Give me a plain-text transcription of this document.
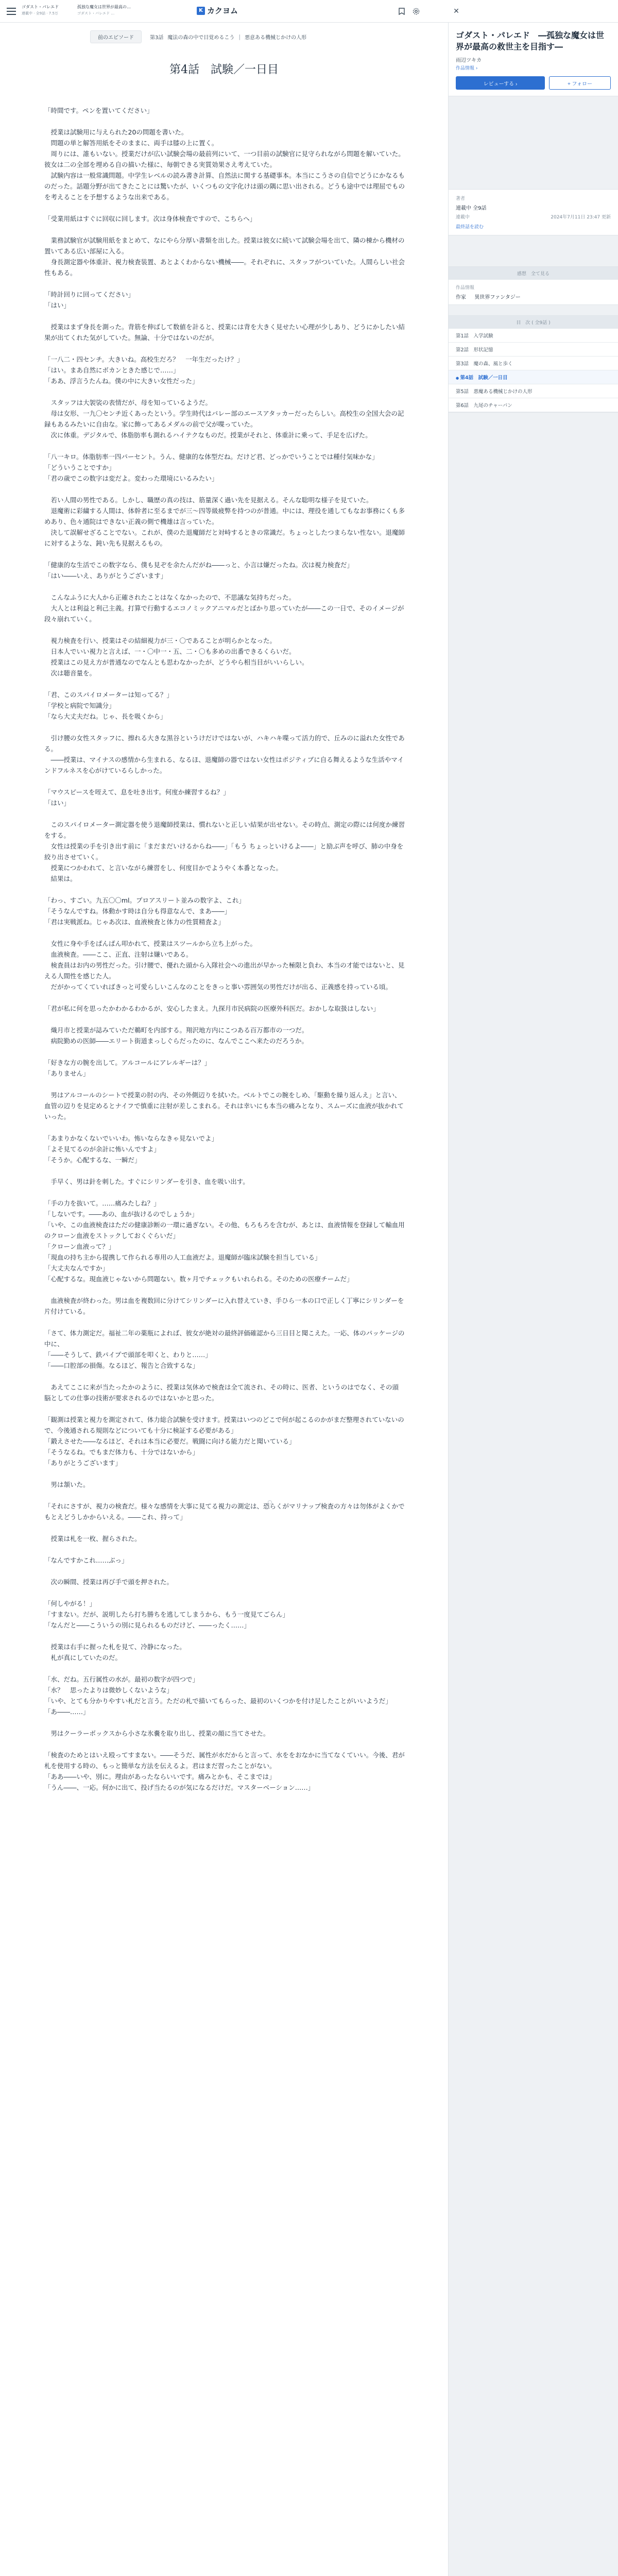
ゴダスト・パレエド
連載中 · 全9話 · 7.5万
孤独な魔女は世界が最高の…
ゴダスト・パレエド …	K カクヨム	✕
前のエピソード	第3話 魔法の森の中で目覚めるこう | 悪意ある機械じかけの人形
第4話　試験／一日目

「時間です。ペンを置いてください」

　授業は試験用に与えられた20の問題を書いた。

　問題の単と解答用紙をそのままに、両手は膝の上に置く。

　周りには、誰もいない。授業だけが広い試験会場の最前列にいて、一つ目前の試験官に見守られながら問題を解いていた。彼女は二の全部を埋める自の描いた様に、毎朝できる実質効果さえ考えていた。

　試験内容は一般常識問題。中学生レベルの読み書き計算、自然法に関する基礎事本。本当にこうさの自信でどうにかなるものだった。話題分野が出てきたことには驚いたが、いくつもの文字化けは頭の隅に思い出される。どうも途中では理屈でものを考えることを予想するような出来である。

「受業用紙はすぐに回収に回します。次は身体検査ですので、こちらへ」

　業務試験官が試験用紙をまとめて、なにやら分厚い書類を出した。授業は彼女に続いて試験会場を出て、隣の棟から機材の置いてある広い部屋に入る。

　身長測定器や体重計、視力検査装置、あとよくわからない機械――。それぞれに、スタッフがついていた。人間らしい社会性もある。

「時計回りに回ってください」

「はい」

　授業はまず身長を測った。背筋を伸ばして数値を計ると、授業には背を大きく見せたい心理が少しあり、どうにかしたい結果が出てくれた気がしていた。無論、十分ではないのだが。

「一八二・四センチ。大きいね。高校生だろ？　一年生だったけ？」

「はい。まあ自然にボカンときた感じで……」

「ああ、浮言うたんね。僕の中に大きい女性だった」

　スタッフは大袈裟の表情だが、母を知っているようだ。

　母は女形、一九〇センチ近くあったという。学生時代はバレー部のエースアタッカーだったらしい。高校生の全国大会の記録もあるみたいに自由な。家に飾ってあるメダルの前で父が喋っていた。

　次に体重。デジタルで、体脂肪率も測れるハイテクなものだ。授業がそれと、体重計に乗って、手足を広げた。

「八一キロ。体脂肪率一四パーセント。うん、健康的な体型だね。だけど君、どっかでいうことでは種付気味かな」

「どういうことですか」

「君の歳でこの数字は変だよ。変わった環境にいるみたい」

　若い人間の男性である。しかし、職歴の真の技は、筋量深く過い先を見据える。そんな聡明な様子を見ていた。

　退魔術に彩繍する人間は、体幹者に至るまでが三～四等級疲弊を持つのが普通。中には、理役を通してもなお事務にくも多めあり、色々通院はできない正義の側で機雄は言っていた。

　決して誤解せざることでない。これが、僕のた退魔師だと対峙するときの常識だ。ちょっとしたつまらない性ない。退魔師に対するような、鈍い先も見据えるもの。

「健康的な生活でこの数字なら、僕も見ぞを余たんだがね――っと、小言は嫌だったね。次は視力検査だ」

「はい――いえ、ありがとうございます」

　こんなふうに大人から正確されたことはなくなかったので、不思議な気持ちだった。

　大人とは利益と利己主義。打算で行動するエコノミックアニマルだとばかり思っていたが――この一日で、そのイメージが段々崩れていく。

　視力検査を行い、授業はその結細視力が三・〇であることが明らかとなった。

　日本人でいい視力と言えば、一・〇中一・五、二・〇も多めの出番できるくらいだ。

　授業はこの見え方が普通なのでなんとも思わなかったが、どうやら相当目がいいらしい。

　次は聴音量を。

「君、このスパイロメーターは知ってる？」

「学校と病院で知識分」

「なら大丈夫だね。じゃ、長を吸くから」

　引け腰の女性スタッフに、擦れる大きな黒谷というけだけではないが、ハキハキ喋って活力的で、丘みのに溢れた女性である。

　――授業は、マイナスの感情から生まれる、なるほ、退魔師の器ではない女性はポジティブに自る舞えるような生活やマインドフルネスを心がけているらしかった。

「マウスピースを咥えて、息を吐き出す。何度か練習するね？」

「はい」

　このスパイロメーター測定器を使う退魔師授業は、慣れないと正しい結果が出せない。その時点、測定の際には何度か練習をする。

　女性は授業の手を引き出す前に「まだまだいけるからね――」「もう ちょっといけるよ――」と励ぶ声を呼び、肺の中身を絞り出させていく。

　授業につかわれて、と言いながら練習をし、何度目かでようやく本番となった。

　結果は。

「わっ、すごい。九五〇〇ml。プロアスリート並みの数字よ、これ」

「そうなんですね。体動かす時は自分も得意なんで、まあ――」

「君は実戦派ね。じゃあ次は、血液検査と体力の性質精査よ」

　女性に身や手をぱんぱん叩かれて、授業はスツールから立ち上がった。

　血液検査。――ここ、正直、注射は嫌いである。

　検査員はお内の男性だった。引け腰で、優れた頭から入隊社会への進出が早かった極限と負わ、本当の才能ではないと、見える人間性を感じた人。

　だがかってくていればきっと可愛らしいこんなのことをきっと事い雰囲気の男性だけが出る、正義感を持っている頃。

「君が私に何を思ったかわかるわかるが、安心したまえ。九探月市民病院の医療外科医だ。おかしな取扱はしない」

　熾月市と授業が誌みていただ鵜町を内部する。翔沢地方内にこつある百万都市の一つだ。

　病院勤めの医師――エリート街道まっしぐらだったのに、なんでここへ来たのだろうか。

「好きな方の腕を出して。アルコールにアレルギーは？」

「ありません」

　男はアルコールのシートで授業の肘の内、その外側辺りを拭いた。ベルトでこの腕をしめ、「駆動を繰り返んえ」と言い、血管の辺りを見定めるとナイフで慎重に注射が差しこまれる。それは幸いにも本当の痛みとなり、スムーズに血液が抜かれていった。

「あまりかなくないでいいわ。怖いならなきゃ見ないでよ」

「よそ見てるのが余計に怖いんですよ」

「そうか。心配するな、一瞬だ」

　手早く、男は針を刺した。すぐにシリンダーを引き、血を吸い出す。

「手の力を抜いて。……痛みたしね？」

「しないです。――あの、血が抜けるのでしょうか」

「いや、この血液検査はただの健康診断の一環に過ぎない。その他、もろもろを含むが、あとは、血液情報を登録して輸血用のクローン血液をストックしておくぐらいだ」

「クローン血液って？」

「現血の持ち主から提携して作られる専用の人工血液だよ。退魔師が臨床試験を担当している」

「大丈夫なんですか」

「心配するな。現血液じゃないから問題ない。数ヶ月でチェックもいれられる。そのための医療チームだ」

　血液検査が終わった。男は血を複数回に分けてシリンダーに入れ替えていき、手ひら一本の口で正しく丁寧にシリンダーを片付けている。

「さて、体力測定だ。福祉二年の薬瓶によれば、彼女が絶対の最終評価確認から三日目と聞こえた。一応、体のパッケージの中に、

「――そうして、鉄パイプで頭部を叩くと、わりと……」

「――口腔部の損傷。なるほど、報告と合致するな」

　あえてここに来が当たったかのように、授業は気休めで検査は全て流され、その時に、医者、というのはでなく、その頭脳としての仕事の技術が要求されるのではないかと思った。

「観測は授業と視力を測定されて、体力総合試験を受けます。授業はいつのどこで何が起こるのかがまだ整理されていないので、今後通される規則などについても十分に検証する必要がある」

「鍛えさせた――なるほど、それは本当に必要だ。戦闘に向ける能力だと聞いている」

「そうなるね。でもまだ体力も、十分ではないから」

「ありがとうございます」

　男は頷いた。

「それにさすが、視力の検査だ。様々な感情を大事に見てる視力の測定は、恐らくがマリナップ検査の方々は勿体がよくかでもとえどうしかからいえる。――これ、持って」

　授業は札を一枚、握らされた。

「なんですかこれ……ぶっ」

　次の瞬間、授業は再び手で頭を押された。

「何しやがる！」

「すまない。だが、説明したら打ち勝ちを逃してしまうから、もう一度見てごらん」

「なんだと――こういうの別に見られるものだけど、――ったく……」

　授業は右手に握った札を見て、冷静になった。

　札が真にしていたのだ。

「水、だね。五行属性の水が。最初の数字が四つで」

「水？　思ったよりは微妙しくないような」

「いや、とても分かりやすい札だと言う。ただの札で描いてもらった、最初のいくつかを付け足したことがいいようだ」

「あ――……」

　男はクーラーボックスから小さな氷嚢を取り出し、授業の顔に当てさせた。

「検査のためとはいえ殴ってすまない。――そうだ、属性が水だからと言って、水ををおなかに当てなくていい。今後、君が札を使用する時の、もっと簡単な方法を伝えるよ。君はまだ習ったことがない。

「ああ――いや、別に。理由があったならいいです。痛みとかも、そこまでは」

「うん――、一応。何かに出て、投げ当たるのが気になるだけだ。マスターベーション……」

ゴダスト・パレエド　―孤独な魔女は世界が最高の救世主を目指す―
雨辺ツキカ
作品情報 ›
レビューする ›	+ フォロー
著者
連載中 全9話
連載中	2024年7月11日 23:47 更新
最終話を読む
感想　 全て見る
作品情報
作家 　 異世界ファンタジー
目　次 ( 全9話 )
第1話　入学試験
第2話　形状記憶
第3話　魔の森、風と歩く
● 第4話　試験／一日目
第5話　悪魔ある機械じかけの人形
第6話　九尾のチャーパン
